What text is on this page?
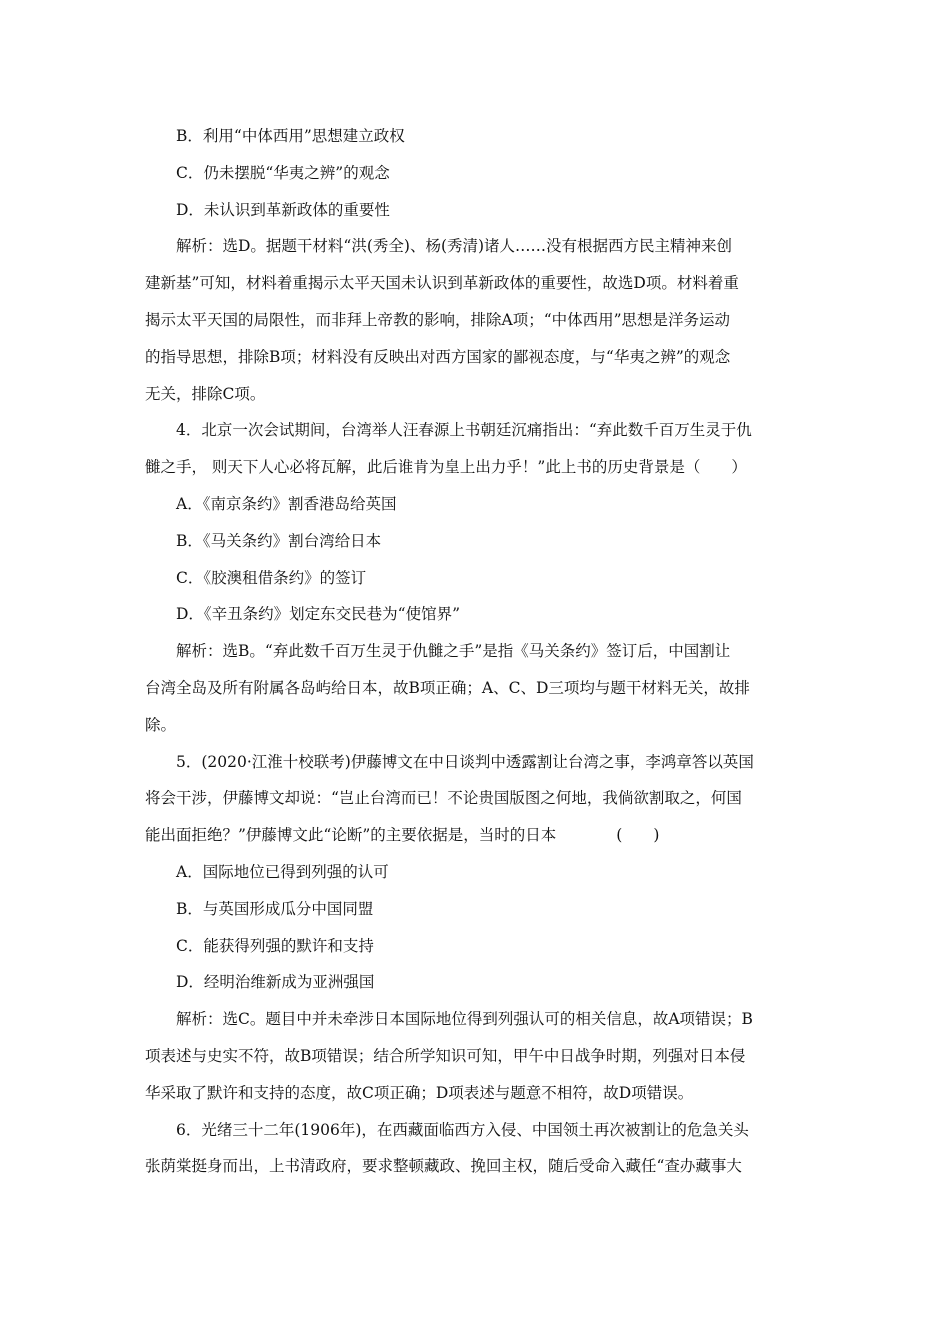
B．利用“中体西用”思想建立政权
C．仍未摆脱“华夷之辨”的观念
D．未认识到革新政体的重要性
解析：选D。据题干材料“洪(秀全)、杨(秀清)诸人……没有根据西方民主精神来创
建新基”可知，材料着重揭示太平天国未认识到革新政体的重要性，故选D项。材料着重
揭示太平天国的局限性，而非拜上帝教的影响，排除A项；“中体西用”思想是洋务运动
的指导思想，排除B项；材料没有反映出对西方国家的鄙视态度，与“华夷之辨”的观念
无关，排除C项。
4．北京一次会试期间，台湾举人汪春源上书朝廷沉痛指出：“弃此数千百万生灵于仇
雠之手， 则天下人心必将瓦解，此后谁肯为皇上出力乎！”此上书的历史背景是（　　）
A．《南京条约》割香港岛给英国
B．《马关条约》割台湾给日本
C．《胶澳租借条约》的签订
D．《辛丑条约》划定东交民巷为“使馆界”
解析：选B。“弃此数千百万生灵于仇雠之手”是指《马关条约》签订后，中国割让
台湾全岛及所有附属各岛屿给日本，故B项正确；A、C、D三项均与题干材料无关，故排
除。
5．(2020·江淮十校联考)伊藤博文在中日谈判中透露割让台湾之事，李鸿章答以英国
将会干涉，伊藤博文却说：“岂止台湾而已！不论贵国版图之何地，我倘欲割取之，何国
能出面拒绝？”伊藤博文此“论断”的主要依据是，当时的日本	(　　)
A．国际地位已得到列强的认可
B．与英国形成瓜分中国同盟
C．能获得列强的默许和支持
D．经明治维新成为亚洲强国
解析：选C。题目中并未牵涉日本国际地位得到列强认可的相关信息，故A项错误；B
项表述与史实不符，故B项错误；结合所学知识可知，甲午中日战争时期，列强对日本侵
华采取了默许和支持的态度，故C项正确；D项表述与题意不相符，故D项错误。
6．光绪三十二年(1906年)，在西藏面临西方入侵、中国领土再次被割让的危急关头
张荫棠挺身而出，上书清政府，要求整顿藏政、挽回主权，随后受命入藏任“查办藏事大
